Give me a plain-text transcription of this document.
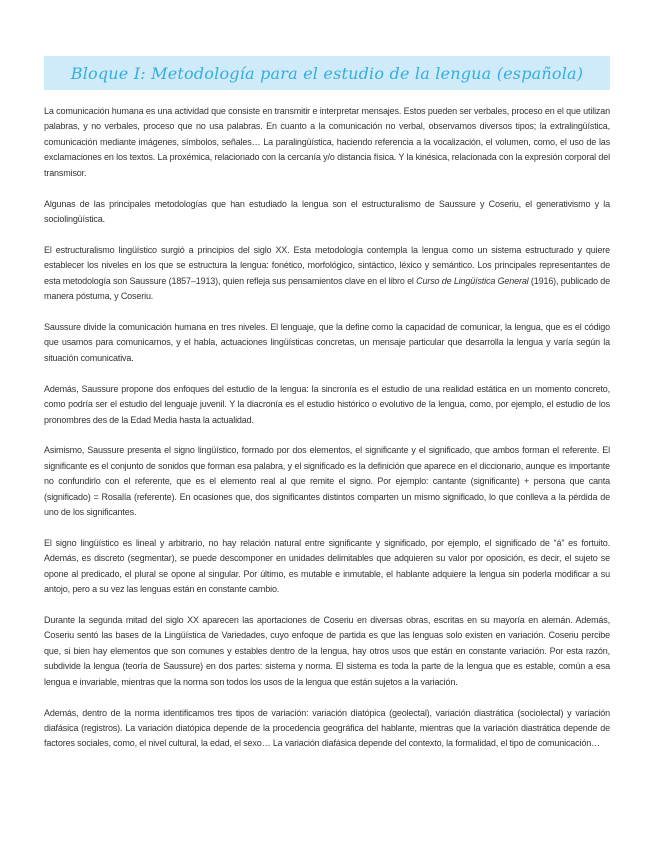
Bloque I: Metodología para el estudio de la lengua (española)

La comunicación humana es una actividad que consiste en transmitir e interpretar mensajes. Estos pueden ser verbales, proceso en el que utilizan palabras, y no verbales, proceso que no usa palabras. En cuanto a la comunicación no verbal, observamos diversos tipos; la extralingüística, comunicación mediante imágenes, símbolos, señales… La paralingüística, haciendo referencia a la vocalización, el volumen, como, el uso de las exclamaciones en los textos. La proxémica, relacionado con la cercanía y/o distancia física. Y la kinésica, relacionada con la expresión corporal del transmisor.

Algunas de las principales metodologías que han estudiado la lengua son el estructuralismo de Saussure y Coseriu, el generativismo y la sociolingüística.

El estructuralismo lingüístico surgió a principios del siglo XX. Esta metodología contempla la lengua como un sistema estructurado y quiere establecer los niveles en los que se estructura la lengua: fonético, morfológico, sintáctico, léxico y semántico. Los principales representantes de esta metodología son Saussure (1857–1913), quien refleja sus pensamientos clave en el libro el Curso de Lingüística General (1916), publicado de manera póstuma, y Coseriu.

Saussure divide la comunicación humana en tres niveles. El lenguaje, que la define como la capacidad de comunicar, la lengua, que es el código que usamos para comunicarnos, y el habla, actuaciones lingüísticas concretas, un mensaje particular que desarrolla la lengua y varía según la situación comunicativa.

Además, Saussure propone dos enfoques del estudio de la lengua: la sincronía es el estudio de una realidad estática en un momento concreto, como podría ser el estudio del lenguaje juvenil. Y la diacronía es el estudio histórico o evolutivo de la lengua, como, por ejemplo, el estudio de los pronombres des de la Edad Media hasta la actualidad.

Asimismo, Saussure presenta el signo lingüístico, formado por dos elementos, el significante y el significado, que ambos forman el referente. El significante es el conjunto de sonidos que forman esa palabra, y el significado es la definición que aparece en el diccionario, aunque es importante no confundirlo con el referente, que es el elemento real al que remite el signo. Por ejemplo: cantante (significante) + persona que canta (significado) = Rosalía (referente). En ocasiones que, dos significantes distintos comparten un mismo significado, lo que conlleva a la pérdida de uno de los significantes.

El signo lingüístico es lineal y arbitrario, no hay relación natural entre significante y significado, por ejemplo, el significado de “á” es fortuito. Además, es discreto (segmentar), se puede descomponer en unidades delimitables que adquieren su valor por oposición, es decir, el sujeto se opone al predicado, el plural se opone al singular. Por último, es mutable e inmutable, el hablante adquiere la lengua sin poderla modificar a su antojo, pero a su vez las lenguas están en constante cambio.

Durante la segunda mitad del siglo XX aparecen las aportaciones de Coseriu en diversas obras, escritas en su mayoría en alemán. Además, Coseriu sentó las bases de la Lingüística de Variedades, cuyo enfoque de partida es que las lenguas solo existen en variación. Coseriu percibe que, si bien hay elementos que son comunes y estables dentro de la lengua, hay otros usos que están en constante variación. Por esta razón, subdivide la lengua (teoría de Saussure) en dos partes: sistema y norma. El sistema es toda la parte de la lengua que es estable, común a esa lengua e invariable, mientras que la norma son todos los usos de la lengua que están sujetos a la variación.

Además, dentro de la norma identificamos tres tipos de variación: variación diatópica (geolectal), variación diastrática (sociolectal) y variación diafásica (registros). La variación diatópica depende de la procedencia geográfica del hablante, mientras que la variación diastrática depende de factores sociales, como, el nivel cultural, la edad, el sexo… La variación diafásica depende del contexto, la formalidad, el tipo de comunicación…
